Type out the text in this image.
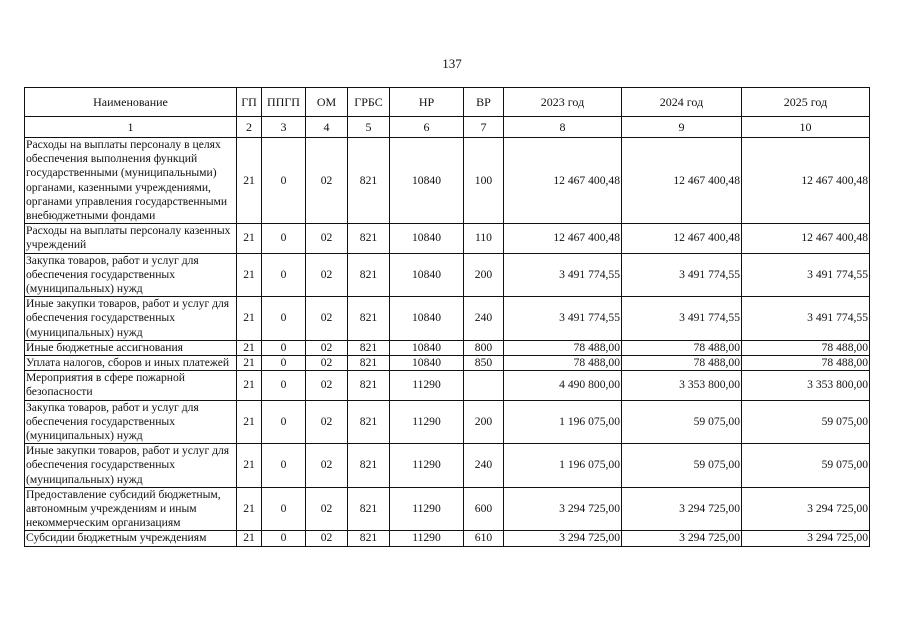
137
Наименование	ГП	ППГП	ОМ	ГРБС	НР	ВР	2023 год	2024 год	2025 год
1	2	3	4	5	6	7	8	9	10
Расходы на выплаты персоналу в целях обеспечения выполнения функций государственными (муниципальными) органами, казенными учреждениями, органами управления государственными внебюджетными фондами	21	0	02	821	10840	100	12 467 400,48	12 467 400,48	12 467 400,48
Расходы на выплаты персоналу казенных учреждений	21	0	02	821	10840	110	12 467 400,48	12 467 400,48	12 467 400,48
Закупка товаров, работ и услуг для обеспечения государственных (муниципальных) нужд	21	0	02	821	10840	200	3 491 774,55	3 491 774,55	3 491 774,55
Иные закупки товаров, работ и услуг для обеспечения государственных (муниципальных) нужд	21	0	02	821	10840	240	3 491 774,55	3 491 774,55	3 491 774,55
Иные бюджетные ассигнования	21	0	02	821	10840	800	78 488,00	78 488,00	78 488,00
Уплата налогов, сборов и иных платежей	21	0	02	821	10840	850	78 488,00	78 488,00	78 488,00
Мероприятия в сфере пожарной безопасности	21	0	02	821	11290		4 490 800,00	3 353 800,00	3 353 800,00
Закупка товаров, работ и услуг для обеспечения государственных (муниципальных) нужд	21	0	02	821	11290	200	1 196 075,00	59 075,00	59 075,00
Иные закупки товаров, работ и услуг для обеспечения государственных (муниципальных) нужд	21	0	02	821	11290	240	1 196 075,00	59 075,00	59 075,00
Предоставление субсидий бюджетным, автономным учреждениям и иным некоммерческим организациям	21	0	02	821	11290	600	3 294 725,00	3 294 725,00	3 294 725,00
Субсидии бюджетным учреждениям	21	0	02	821	11290	610	3 294 725,00	3 294 725,00	3 294 725,00
